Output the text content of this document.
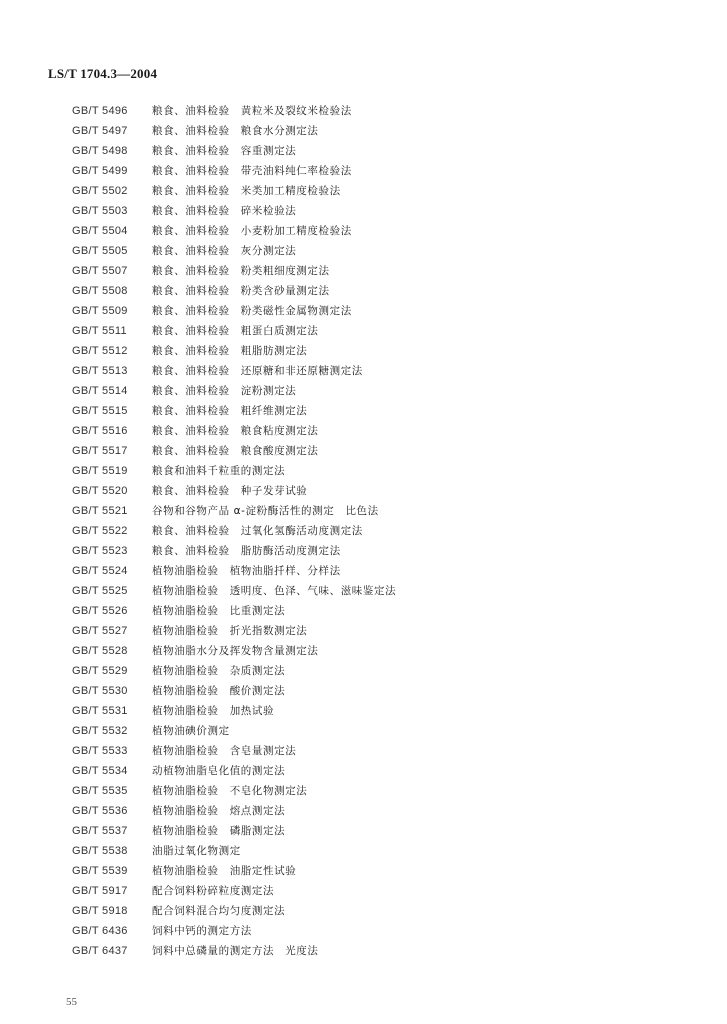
LS/T 1704.3—2004
GB/T 5496 粮食、油料检验　黄粒米及裂纹米检验法
GB/T 5497 粮食、油料检验　粮食水分测定法
GB/T 5498 粮食、油料检验　容重测定法
GB/T 5499 粮食、油料检验　带壳油料纯仁率检验法
GB/T 5502 粮食、油料检验　米类加工精度检验法
GB/T 5503 粮食、油料检验　碎米检验法
GB/T 5504 粮食、油料检验　小麦粉加工精度检验法
GB/T 5505 粮食、油料检验　灰分测定法
GB/T 5507 粮食、油料检验　粉类粗细度测定法
GB/T 5508 粮食、油料检验　粉类含砂量测定法
GB/T 5509 粮食、油料检验　粉类磁性金属物测定法
GB/T 5511 粮食、油料检验　粗蛋白质测定法
GB/T 5512 粮食、油料检验　粗脂肪测定法
GB/T 5513 粮食、油料检验　还原糖和非还原糖测定法
GB/T 5514 粮食、油料检验　淀粉测定法
GB/T 5515 粮食、油料检验　粗纤维测定法
GB/T 5516 粮食、油料检验　粮食粘度测定法
GB/T 5517 粮食、油料检验　粮食酸度测定法
GB/T 5519 粮食和油料千粒重的测定法
GB/T 5520 粮食、油料检验　种子发芽试验
GB/T 5521 谷物和谷物产品 α-淀粉酶活性的测定　比色法
GB/T 5522 粮食、油料检验　过氧化氢酶活动度测定法
GB/T 5523 粮食、油料检验　脂肪酶活动度测定法
GB/T 5524 植物油脂检验　植物油脂扦样、分样法
GB/T 5525 植物油脂检验　透明度、色泽、气味、滋味鉴定法
GB/T 5526 植物油脂检验　比重测定法
GB/T 5527 植物油脂检验　折光指数测定法
GB/T 5528 植物油脂水分及挥发物含量测定法
GB/T 5529 植物油脂检验　杂质测定法
GB/T 5530 植物油脂检验　酸价测定法
GB/T 5531 植物油脂检验　加热试验
GB/T 5532 植物油碘价测定
GB/T 5533 植物油脂检验　含皂量测定法
GB/T 5534 动植物油脂皂化值的测定法
GB/T 5535 植物油脂检验　不皂化物测定法
GB/T 5536 植物油脂检验　熔点测定法
GB/T 5537 植物油脂检验　磷脂测定法
GB/T 5538 油脂过氧化物测定
GB/T 5539 植物油脂检验　油脂定性试验
GB/T 5917 配合饲料粉碎粒度测定法
GB/T 5918 配合饲料混合均匀度测定法
GB/T 6436 饲料中钙的测定方法
GB/T 6437 饲料中总磷量的测定方法　光度法
55
